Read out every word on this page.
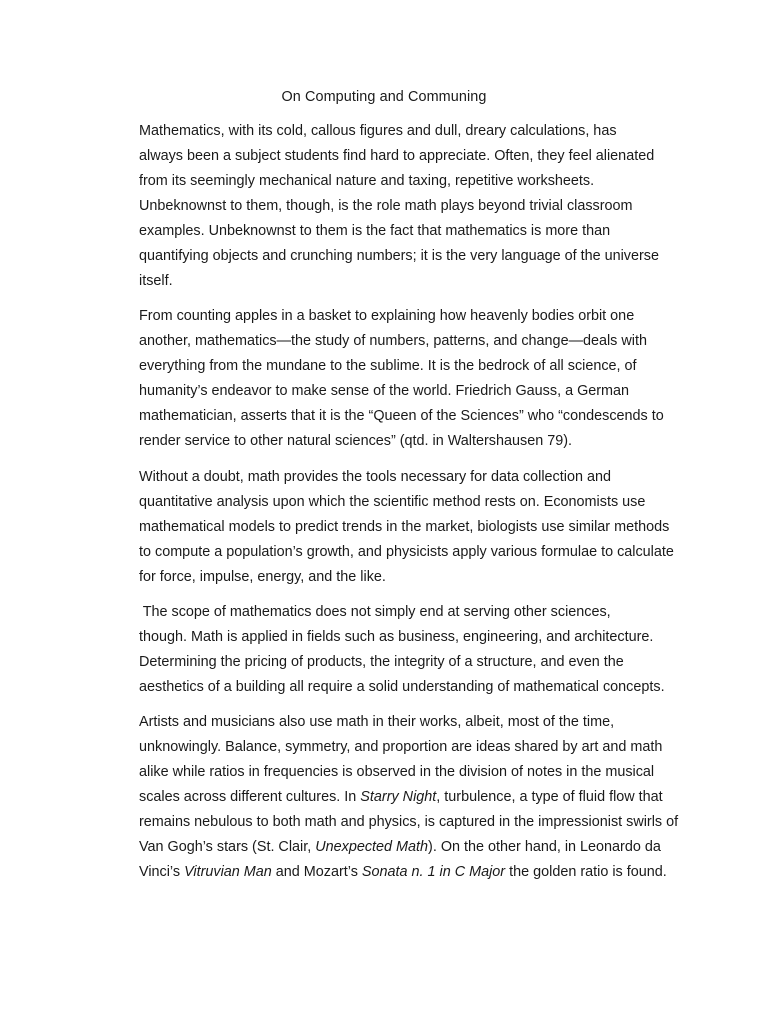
On Computing and Communing

Mathematics, with its cold, callous figures and dull, dreary calculations, has
always been a subject students find hard to appreciate. Often, they feel alienated
from its seemingly mechanical nature and taxing, repetitive worksheets.
Unbeknownst to them, though, is the role math plays beyond trivial classroom
examples. Unbeknownst to them is the fact that mathematics is more than
quantifying objects and crunching numbers; it is the very language of the universe
itself.

From counting apples in a basket to explaining how heavenly bodies orbit one
another, mathematics—the study of numbers, patterns, and change—deals with
everything from the mundane to the sublime. It is the bedrock of all science, of
humanity’s endeavor to make sense of the world. Friedrich Gauss, a German
mathematician, asserts that it is the “Queen of the Sciences” who “condescends to
render service to other natural sciences” (qtd. in Waltershausen 79).

Without a doubt, math provides the tools necessary for data collection and
quantitative analysis upon which the scientific method rests on. Economists use
mathematical models to predict trends in the market, biologists use similar methods
to compute a population’s growth, and physicists apply various formulae to calculate
for force, impulse, energy, and the like.

The scope of mathematics does not simply end at serving other sciences,
though. Math is applied in fields such as business, engineering, and architecture.
Determining the pricing of products, the integrity of a structure, and even the
aesthetics of a building all require a solid understanding of mathematical concepts.

Artists and musicians also use math in their works, albeit, most of the time,
unknowingly. Balance, symmetry, and proportion are ideas shared by art and math
alike while ratios in frequencies is observed in the division of notes in the musical
scales across different cultures. In Starry Night, turbulence, a type of fluid flow that
remains nebulous to both math and physics, is captured in the impressionist swirls of
Van Gogh’s stars (St. Clair, Unexpected Math). On the other hand, in Leonardo da
Vinci’s Vitruvian Man and Mozart’s Sonata n. 1 in C Major the golden ratio is found.
